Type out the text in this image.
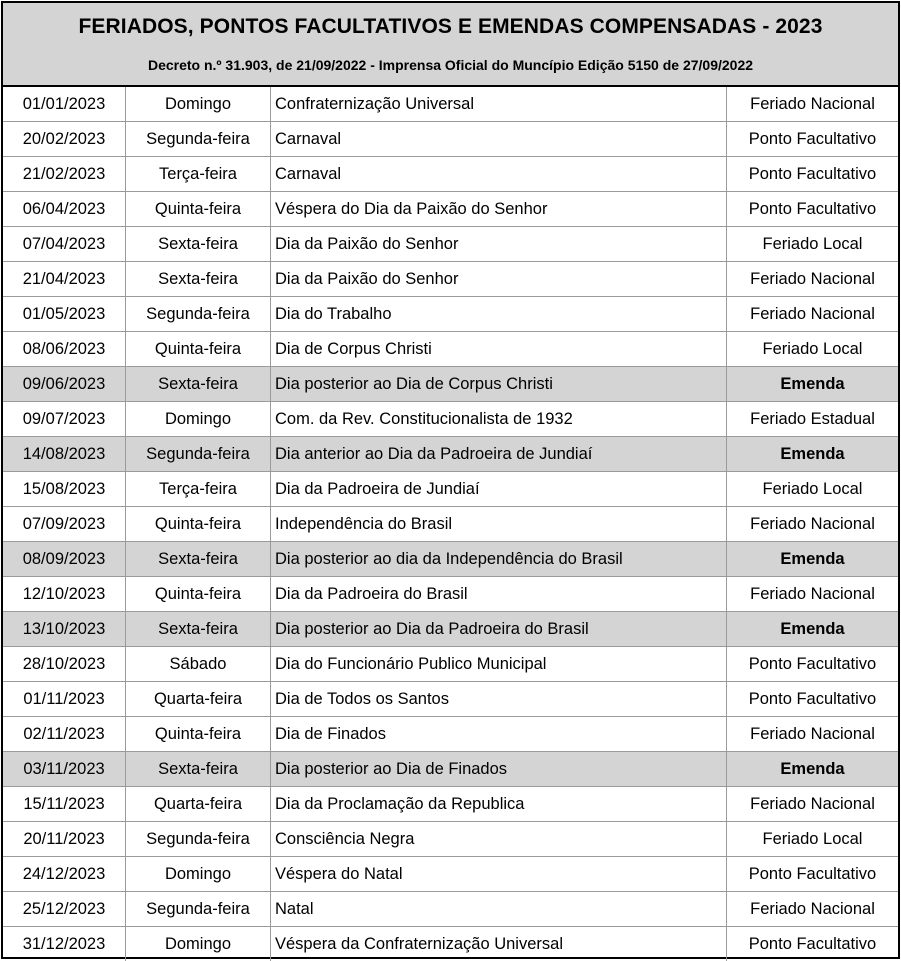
FERIADOS, PONTOS FACULTATIVOS E EMENDAS COMPENSADAS - 2023
Decreto n.º 31.903, de 21/09/2022 - Imprensa Oficial do Muncípio Edição 5150 de 27/09/2022
01/01/2023	Domingo	Confraternização Universal	Feriado Nacional
20/02/2023	Segunda-feira	Carnaval	Ponto Facultativo
21/02/2023	Terça-feira	Carnaval	Ponto Facultativo
06/04/2023	Quinta-feira	Véspera do Dia da Paixão do Senhor	Ponto Facultativo
07/04/2023	Sexta-feira	Dia da Paixão do Senhor	Feriado Local
21/04/2023	Sexta-feira	Dia da Paixão do Senhor	Feriado Nacional
01/05/2023	Segunda-feira	Dia do Trabalho	Feriado Nacional
08/06/2023	Quinta-feira	Dia de Corpus Christi	Feriado Local
09/06/2023	Sexta-feira	Dia posterior ao Dia de Corpus Christi	Emenda
09/07/2023	Domingo	Com. da Rev. Constitucionalista de 1932	Feriado Estadual
14/08/2023	Segunda-feira	Dia anterior ao Dia da Padroeira de Jundiaí	Emenda
15/08/2023	Terça-feira	Dia da Padroeira de Jundiaí	Feriado Local
07/09/2023	Quinta-feira	Independência do Brasil	Feriado Nacional
08/09/2023	Sexta-feira	Dia posterior ao dia da Independência do Brasil	Emenda
12/10/2023	Quinta-feira	Dia da Padroeira do Brasil	Feriado Nacional
13/10/2023	Sexta-feira	Dia posterior ao Dia da Padroeira do Brasil	Emenda
28/10/2023	Sábado	Dia do Funcionário Publico Municipal	Ponto Facultativo
01/11/2023	Quarta-feira	Dia de Todos os Santos	Ponto Facultativo
02/11/2023	Quinta-feira	Dia de Finados	Feriado Nacional
03/11/2023	Sexta-feira	Dia posterior ao Dia de Finados	Emenda
15/11/2023	Quarta-feira	Dia da Proclamação da Republica	Feriado Nacional
20/11/2023	Segunda-feira	Consciência Negra	Feriado Local
24/12/2023	Domingo	Véspera do Natal	Ponto Facultativo
25/12/2023	Segunda-feira	Natal	Feriado Nacional
31/12/2023	Domingo	Véspera da Confraternização Universal	Ponto Facultativo
